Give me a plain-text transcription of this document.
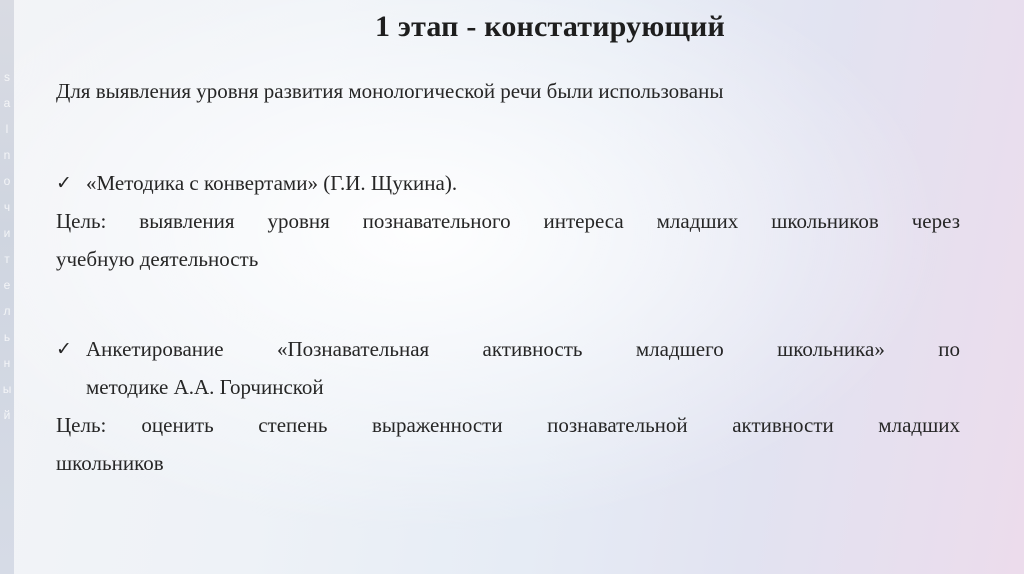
s
a
l
n
o
ч
и
т
е
л
ь
н
ы
й
1 этап - констатирующий

Для выявления уровня развития монологической речи были использованы

✓ «Методика с конвертами» (Г.И. Щукина).
Цель: выявления уровня познавательного интереса младших школьников через
учебную деятельность
✓ Анкетирование «Познавательная активность младшего школьника» по
методике А.А. Горчинской
Цель: оценить степень выраженности познавательной активности младших
школьников
